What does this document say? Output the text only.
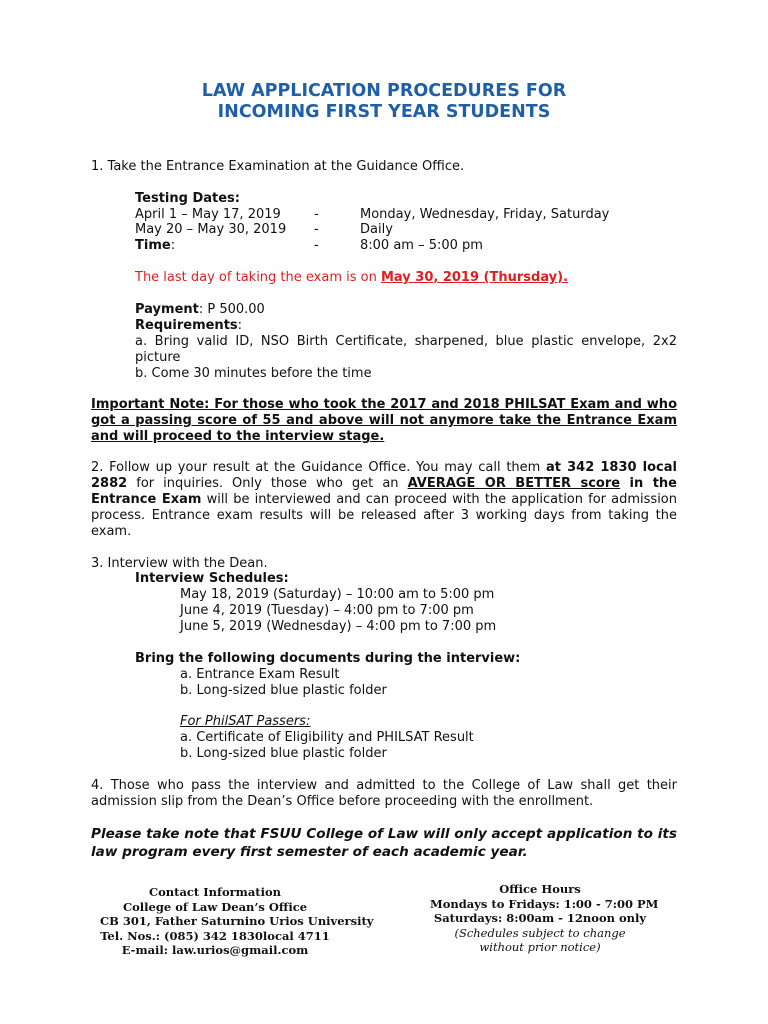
LAW APPLICATION PROCEDURES FOR
INCOMING FIRST YEAR STUDENTS
1. Take the Entrance Examination at the Guidance Office.
Testing Dates:
April 1 – May 17, 2019	-	Monday, Wednesday, Friday, Saturday
May 20 – May 30, 2019 -	Daily
Time:	-	8:00 am – 5:00 pm
The last day of taking the exam is on May 30, 2019 (Thursday).
Payment: P 500.00
Requirements:
a. Bring valid ID, NSO Birth Certificate, sharpened, blue plastic envelope, 2x2 picture
b. Come 30 minutes before the time
Important Note: For those who took the 2017 and 2018 PHILSAT Exam and who got a passing score of 55 and above will not anymore take the Entrance Exam and will proceed to the interview stage.
2. Follow up your result at the Guidance Office. You may call them at 342 1830 local 2882 for inquiries. Only those who get an AVERAGE OR BETTER score in the Entrance Exam will be interviewed and can proceed with the application for admission process. Entrance exam results will be released after 3 working days from taking the exam.
3. Interview with the Dean.
Interview Schedules:
May 18, 2019 (Saturday) – 10:00 am to 5:00 pm
June 4, 2019 (Tuesday) – 4:00 pm to 7:00 pm
June 5, 2019 (Wednesday) – 4:00 pm to 7:00 pm
Bring the following documents during the interview:
a. Entrance Exam Result
b. Long-sized blue plastic folder
For PhilSAT Passers:
a. Certificate of Eligibility and PHILSAT Result
b. Long-sized blue plastic folder
4. Those who pass the interview and admitted to the College of Law shall get their admission slip from the Dean’s Office before proceeding with the enrollment.
Please take note that FSUU College of Law will only accept application to its law program every first semester of each academic year.
Contact Information
College of Law Dean’s Office
CB 301, Father Saturnino Urios University
Tel. Nos.: (085) 342 1830local 4711
E-mail: law.urios@gmail.com
Office Hours
Mondays to Fridays: 1:00 - 7:00 PM
Saturdays: 8:00am - 12noon only
(Schedules subject to change
without prior notice)
